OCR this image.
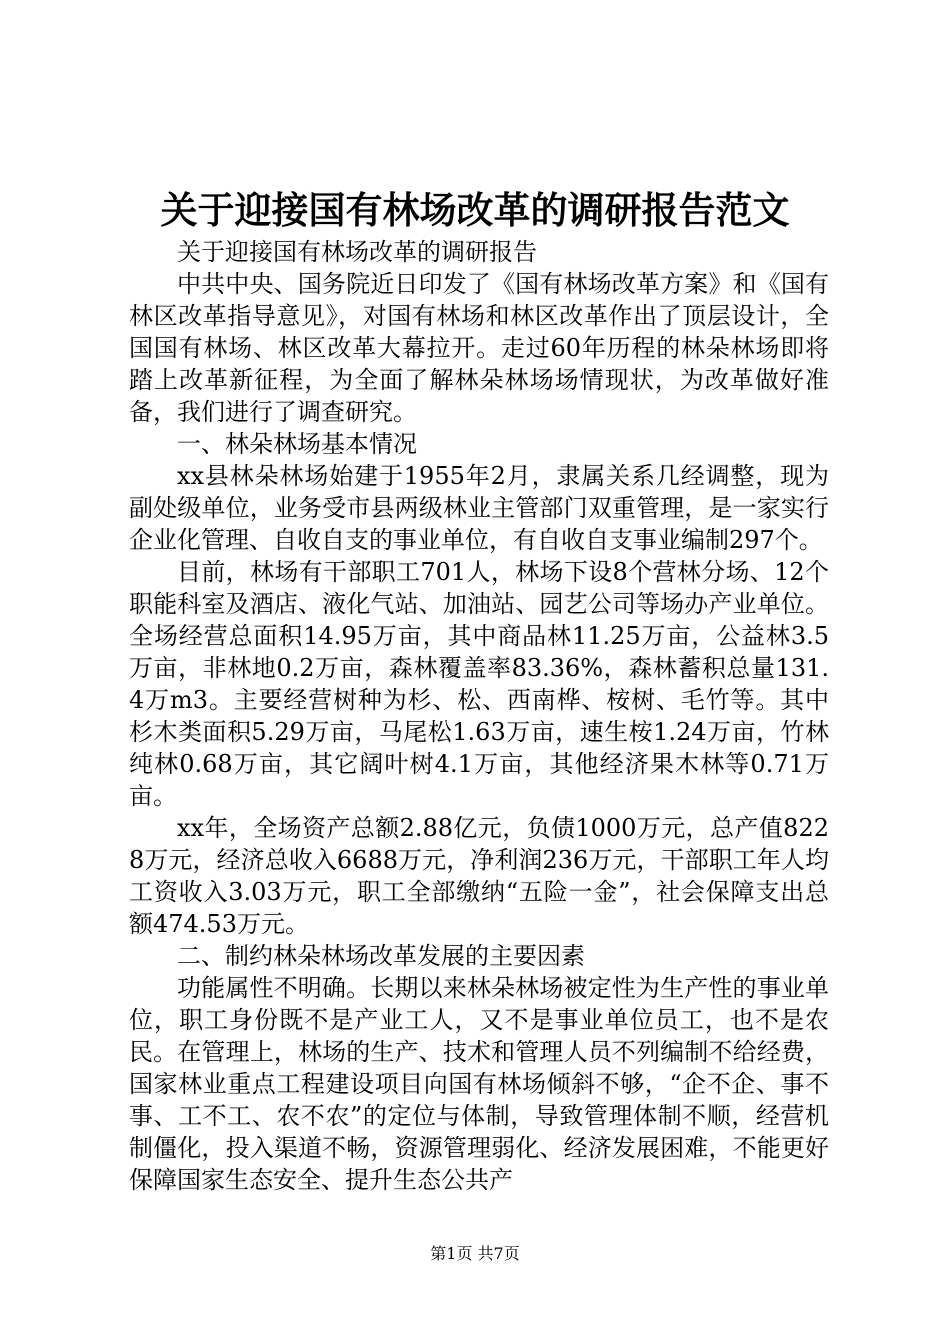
关于迎接国有林场改革的调研报告范文

关于迎接国有林场改革的调研报告

中共中央、国务院近日印发了《国有林场改革方案》和《国有林区改革指导意见》，对国有林场和林区改革作出了顶层设计，全国国有林场、林区改革大幕拉开。走过60年历程的林朵林场即将踏上改革新征程，为全面了解林朵林场场情现状，为改革做好准备，我们进行了调查研究。

一、林朵林场基本情况

xx县林朵林场始建于1955年2月，隶属关系几经调整，现为副处级单位，业务受市县两级林业主管部门双重管理，是一家实行企业化管理、自收自支的事业单位，有自收自支事业编制297个。

目前，林场有干部职工701人，林场下设8个营林分场、12个职能科室及酒店、液化气站、加油站、园艺公司等场办产业单位。全场经营总面积14.95万亩，其中商品林11.25万亩，公益林3.5万亩，非林地0.2万亩，森林覆盖率83.36%，森林蓄积总量131.4万m3。主要经营树种为杉、松、西南桦、桉树、毛竹等。其中杉木类面积5.29万亩，马尾松1.63万亩，速生桉1.24万亩，竹林纯林0.68万亩，其它阔叶树4.1万亩，其他经济果木林等0.71万亩。

xx年，全场资产总额2.88亿元，负债1000万元，总产值8228万元，经济总收入6688万元，净利润236万元，干部职工年人均工资收入3.03万元，职工全部缴纳“五险一金”，社会保障支出总额474.53万元。

二、制约林朵林场改革发展的主要因素

功能属性不明确。长期以来林朵林场被定性为生产性的事业单位，职工身份既不是产业工人，又不是事业单位员工，也不是农民。在管理上，林场的生产、技术和管理人员不列编制不给经费，国家林业重点工程建设项目向国有林场倾斜不够，“企不企、事不事、工不工、农不农”的定位与体制，导致管理体制不顺，经营机制僵化，投入渠道不畅，资源管理弱化、经济发展困难，不能更好保障国家生态安全、提升生态公共产

第1页 共7页
